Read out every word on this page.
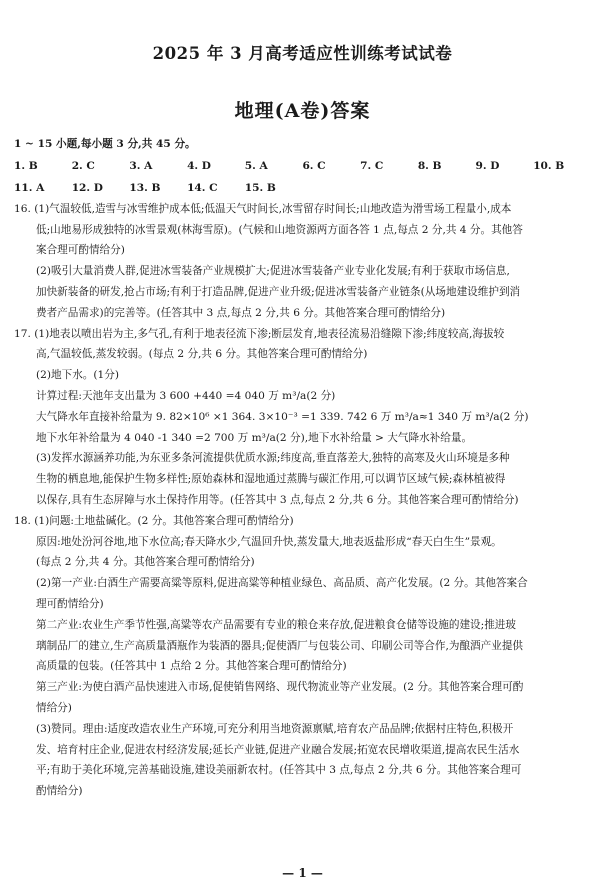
2025 年 3 月高考适应性训练考试试卷
地理(A卷)答案
1 ~ 15 小题,每小题 3 分,共 45 分。
1. B	2. C	3. A	4. D	5. A	6. C	7. C	8. B	9. D	10. B
11. A	12. D	13. B	14. C	15. B
16. (1)气温较低,造雪与冰雪维护成本低;低温天气时间长,冰雪留存时间长;山地改造为滑雪场工程量小,成本
低;山地易形成独特的冰雪景观(林海雪原)。(气候和山地资源两方面各答 1 点,每点 2 分,共 4 分。其他答
案合理可酌情给分)
(2)吸引大量消费人群,促进冰雪装备产业规模扩大;促进冰雪装备产业专业化发展;有利于获取市场信息,
加快新装备的研发,抢占市场;有利于打造品牌,促进产业升级;促进冰雪装备产业链条(从场地建设维护到消
费者产品需求)的完善等。(任答其中 3 点,每点 2 分,共 6 分。其他答案合理可酌情给分)
17. (1)地表以喷出岩为主,多气孔,有利于地表径流下渗;断层发育,地表径流易沿缝隙下渗;纬度较高,海拔较
高,气温较低,蒸发较弱。(每点 2 分,共 6 分。其他答案合理可酌情给分)
(2)地下水。(1分)
计算过程:天池年支出量为 3 600 +440 =4 040 万 m³/a(2 分)
大气降水年直接补给量为 9. 82×10⁶ ×1 364. 3×10⁻³ =1 339. 742 6 万 m³/a≈1 340 万 m³/a(2 分)
地下水年补给量为 4 040 -1 340 =2 700 万 m³/a(2 分),地下水补给量 > 大气降水补给量。
(3)发挥水源涵养功能,为东亚多条河流提供优质水源;纬度高,垂直落差大,独特的高寒及火山环境是多种
生物的栖息地,能保护生物多样性;原始森林和湿地通过蒸腾与碳汇作用,可以调节区域气候;森林植被得
以保存,具有生态屏障与水土保持作用等。(任答其中 3 点,每点 2 分,共 6 分。其他答案合理可酌情给分)
18. (1)问题:土地盐碱化。(2 分。其他答案合理可酌情给分)
原因:地处汾河谷地,地下水位高;春天降水少,气温回升快,蒸发量大,地表返盐形成“春天白生生”景观。
(每点 2 分,共 4 分。其他答案合理可酌情给分)
(2)第一产业:白酒生产需要高粱等原料,促进高粱等种植业绿色、高品质、高产化发展。(2 分。其他答案合
理可酌情给分)
第二产业:农业生产季节性强,高粱等农产品需要有专业的粮仓来存放,促进粮食仓储等设施的建设;推进玻
璃制品厂的建立,生产高质量酒瓶作为装酒的器具;促使酒厂与包装公司、印刷公司等合作,为酿酒产业提供
高质量的包装。(任答其中 1 点给 2 分。其他答案合理可酌情给分)
第三产业:为使白酒产品快速进入市场,促使销售网络、现代物流业等产业发展。(2 分。其他答案合理可酌
情给分)
(3)赞同。理由:适度改造农业生产环境,可充分利用当地资源禀赋,培育农产品品牌;依据村庄特色,积极开
发、培育村庄企业,促进农村经济发展;延长产业链,促进产业融合发展;拓宽农民增收渠道,提高农民生活水
平;有助于美化环境,完善基础设施,建设美丽新农村。(任答其中 3 点,每点 2 分,共 6 分。其他答案合理可
酌情给分)
— 1 —
